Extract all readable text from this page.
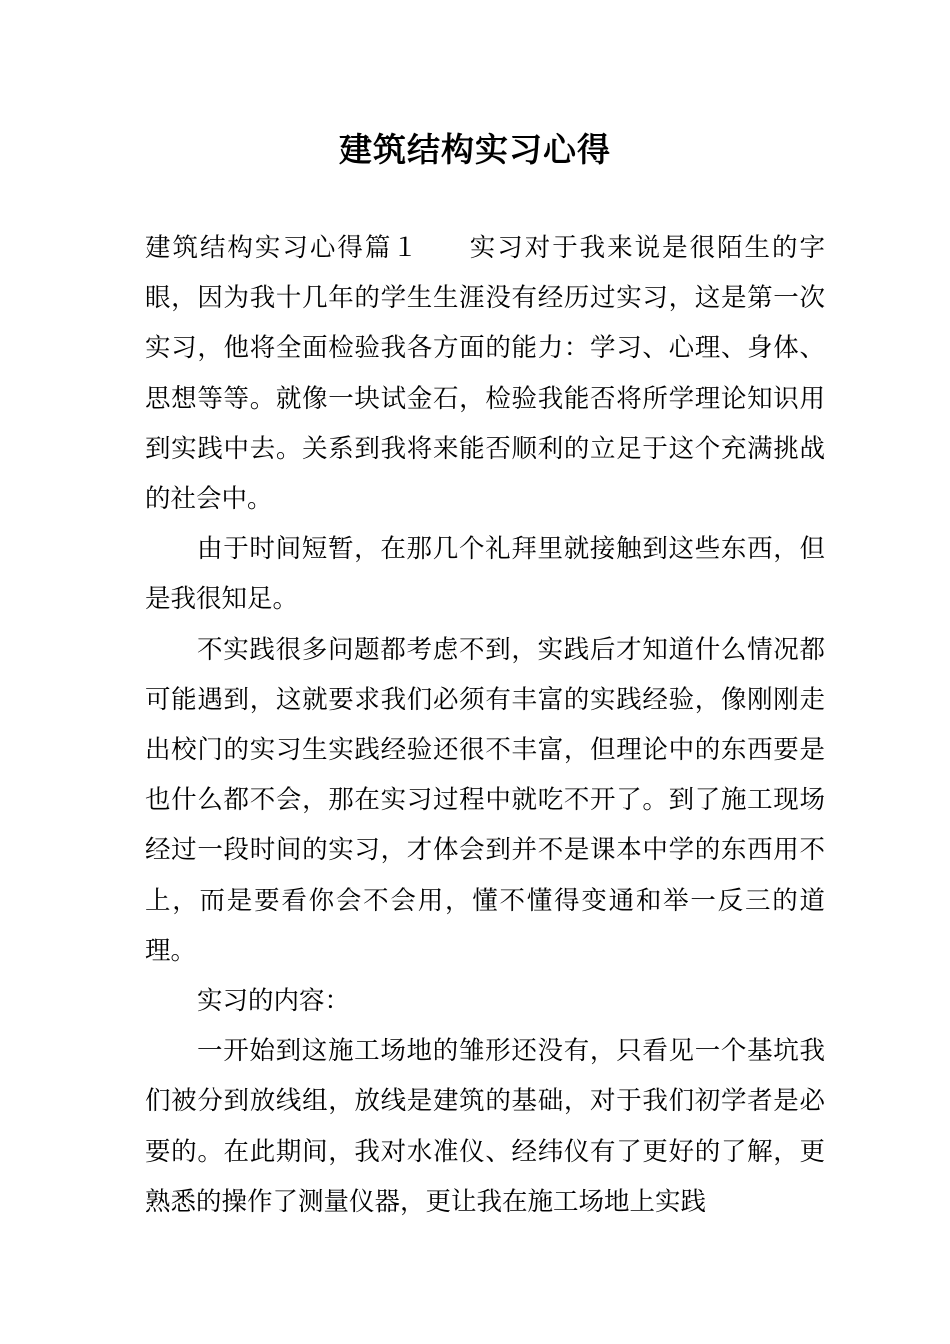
建筑结构实习心得

建筑结构实习心得篇１ 实习对于我来说是很陌生的字眼，因为我十几年的学生生涯没有经历过实习，这是第一次实习，他将全面检验我各方面的能力：学习、心理、身体、思想等等。就像一块试金石，检验我能否将所学理论知识用到实践中去。关系到我将来能否顺利的立足于这个充满挑战的社会中。

由于时间短暂，在那几个礼拜里就接触到这些东西，但是我很知足。

不实践很多问题都考虑不到，实践后才知道什么情况都可能遇到，这就要求我们必须有丰富的实践经验，像刚刚走出校门的实习生实践经验还很不丰富，但理论中的东西要是也什么都不会，那在实习过程中就吃不开了。到了施工现场经过一段时间的实习，才体会到并不是课本中学的东西用不上，而是要看你会不会用，懂不懂得变通和举一反三的道理。

实习的内容：

一开始到这施工场地的雏形还没有，只看见一个基坑我们被分到放线组，放线是建筑的基础，对于我们初学者是必要的。在此期间，我对水准仪、经纬仪有了更好的了解，更熟悉的操作了测量仪器，更让我在施工场地上实践
